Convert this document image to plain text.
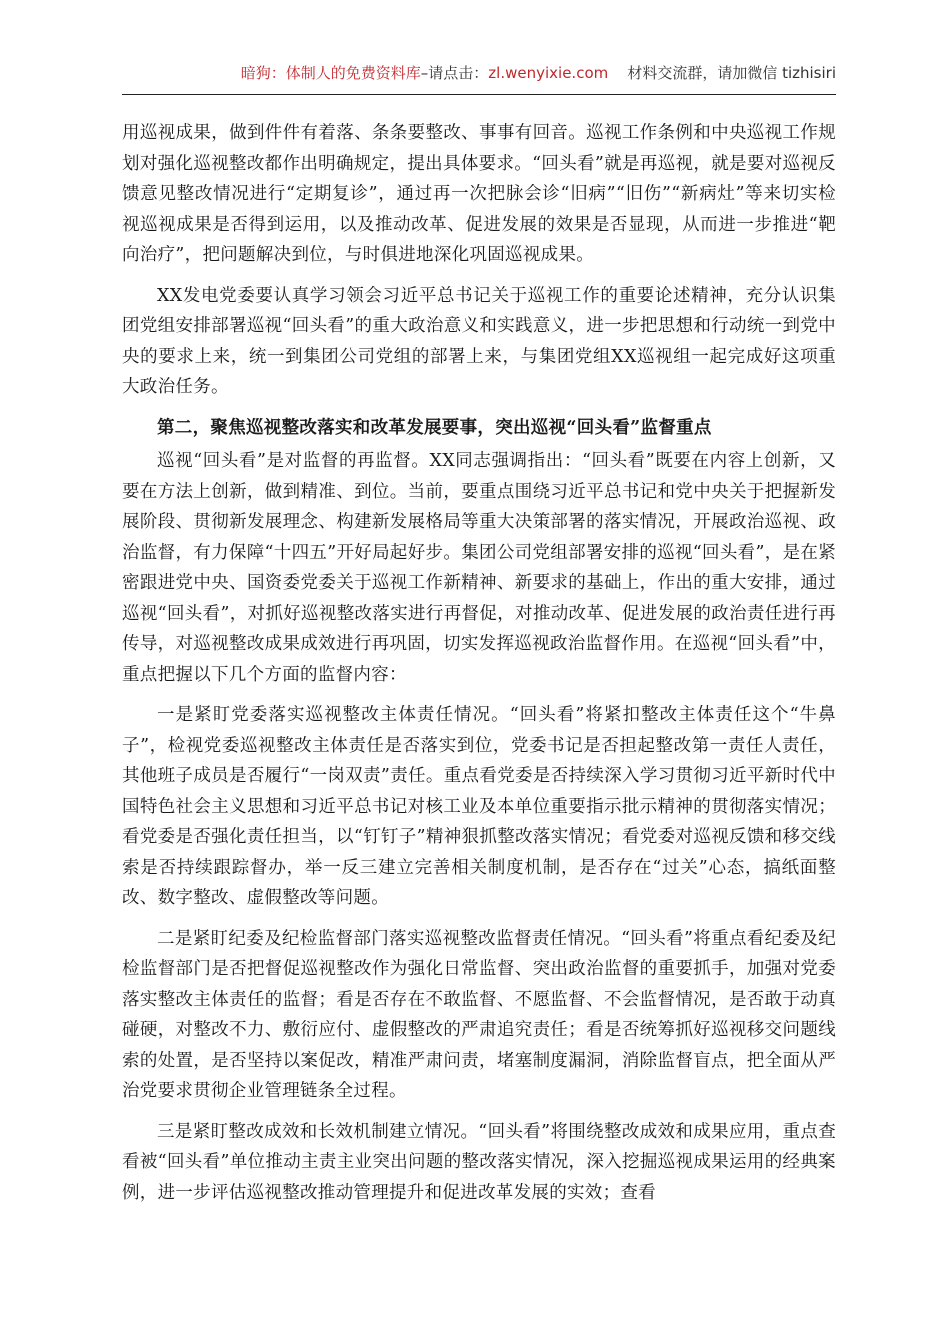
暗狗：体制人的免费资料库–请点击：zl.wenyixie.com 材料交流群，请加微信 tizhisiri

用巡视成果，做到件件有着落、条条要整改、事事有回音。巡视工作条例和中央巡视工作规划对强化巡视整改都作出明确规定，提出具体要求。“回头看”就是再巡视，就是要对巡视反馈意见整改情况进行“定期复诊”，通过再一次把脉会诊“旧病”“旧伤”“新病灶”等来切实检视巡视成果是否得到运用，以及推动改革、促进发展的效果是否显现，从而进一步推进“靶向治疗”，把问题解决到位，与时俱进地深化巩固巡视成果。

XX发电党委要认真学习领会习近平总书记关于巡视工作的重要论述精神，充分认识集团党组安排部署巡视“回头看”的重大政治意义和实践意义，进一步把思想和行动统一到党中央的要求上来，统一到集团公司党组的部署上来，与集团党组XX巡视组一起完成好这项重大政治任务。

第二，聚焦巡视整改落实和改革发展要事，突出巡视“回头看”监督重点

巡视“回头看”是对监督的再监督。XX同志强调指出：“回头看”既要在内容上创新，又要在方法上创新，做到精准、到位。当前，要重点围绕习近平总书记和党中央关于把握新发展阶段、贯彻新发展理念、构建新发展格局等重大决策部署的落实情况，开展政治巡视、政治监督，有力保障“十四五”开好局起好步。集团公司党组部署安排的巡视“回头看”，是在紧密跟进党中央、国资委党委关于巡视工作新精神、新要求的基础上，作出的重大安排，通过巡视“回头看”，对抓好巡视整改落实进行再督促，对推动改革、促进发展的政治责任进行再传导，对巡视整改成果成效进行再巩固，切实发挥巡视政治监督作用。在巡视“回头看”中，重点把握以下几个方面的监督内容：

一是紧盯党委落实巡视整改主体责任情况。“回头看”将紧扣整改主体责任这个“牛鼻子”，检视党委巡视整改主体责任是否落实到位，党委书记是否担起整改第一责任人责任，其他班子成员是否履行“一岗双责”责任。重点看党委是否持续深入学习贯彻习近平新时代中国特色社会主义思想和习近平总书记对核工业及本单位重要指示批示精神的贯彻落实情况；看党委是否强化责任担当，以“钉钉子”精神狠抓整改落实情况；看党委对巡视反馈和移交线索是否持续跟踪督办，举一反三建立完善相关制度机制，是否存在“过关”心态，搞纸面整改、数字整改、虚假整改等问题。

二是紧盯纪委及纪检监督部门落实巡视整改监督责任情况。“回头看”将重点看纪委及纪检监督部门是否把督促巡视整改作为强化日常监督、突出政治监督的重要抓手，加强对党委落实整改主体责任的监督；看是否存在不敢监督、不愿监督、不会监督情况，是否敢于动真碰硬，对整改不力、敷衍应付、虚假整改的严肃追究责任；看是否统筹抓好巡视移交问题线索的处置，是否坚持以案促改，精准严肃问责，堵塞制度漏洞，消除监督盲点，把全面从严治党要求贯彻企业管理链条全过程。

三是紧盯整改成效和长效机制建立情况。“回头看”将围绕整改成效和成果应用，重点查看被“回头看”单位推动主责主业突出问题的整改落实情况，深入挖掘巡视成果运用的经典案例，进一步评估巡视整改推动管理提升和促进改革发展的实效；查看
